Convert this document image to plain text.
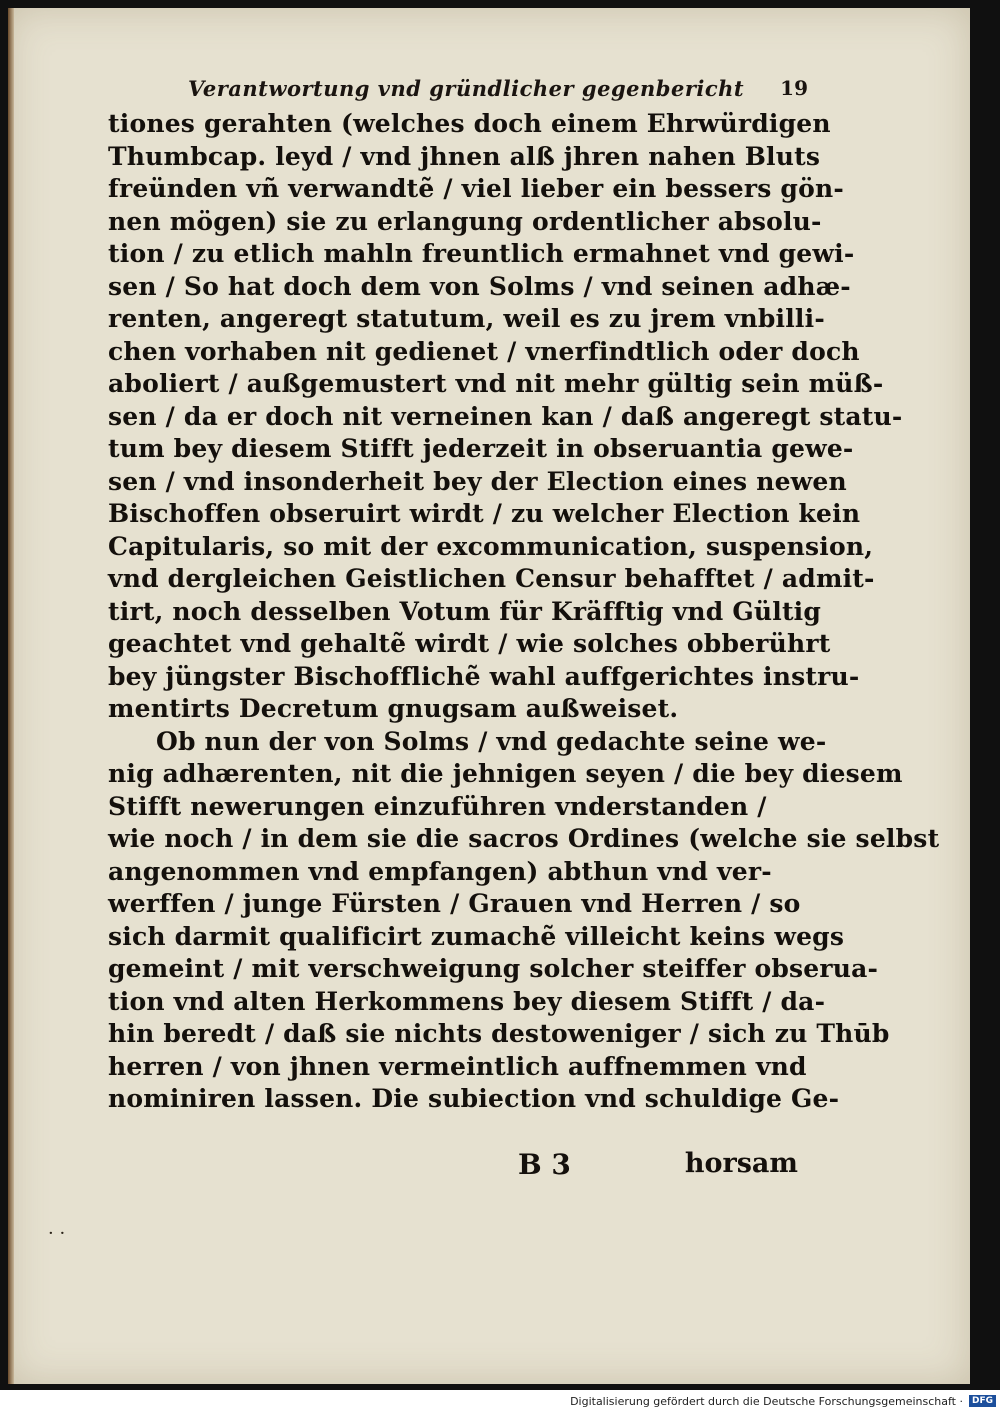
Verantwortung vnd gründlicher gegenbericht 19
tiones gerahten (welches doch einem Ehrwürdigen
Thumbcap. leyd / vnd jhnen alß jhren nahen Bluts
freünden vñ verwandtẽ / viel lieber ein bessers gön-
nen mögen) sie zu erlangung ordentlicher absolu-
tion / zu etlich mahln freuntlich ermahnet vnd gewi-
sen / So hat doch dem von Solms / vnd seinen adhæ-
renten, angeregt statutum, weil es zu jrem vnbilli-
chen vorhaben nit gedienet / vnerfindtlich oder doch
aboliert / außgemustert vnd nit mehr gültig sein müß-
sen / da er doch nit verneinen kan / daß angeregt statu-
tum bey diesem Stifft jederzeit in obseruantia gewe-
sen / vnd insonderheit bey der Election eines newen
Bischoffen obseruirt wirdt / zu welcher Election kein
Capitularis, so mit der excommunication, suspension,
vnd dergleichen Geistlichen Censur behafftet / admit-
tirt, noch desselben Votum für Kräfftig vnd Gültig
geachtet vnd gehaltẽ wirdt / wie solches obberührt
bey jüngster Bischofflichẽ wahl auffgerichtes instru-
mentirts Decretum gnugsam außweiset.
Ob nun der von Solms / vnd gedachte seine we-
nig adhærenten, nit die jehnigen seyen / die bey diesem
Stifft newerungen einzuführen vnderstanden /
wie noch / in dem sie die sacros Ordines (welche sie selbst
angenommen vnd empfangen) abthun vnd ver-
werffen / junge Fürsten / Grauen vnd Herren / so
sich darmit qualificirt zumachẽ villeicht keins wegs
gemeint / mit verschweigung solcher steiffer obserua-
tion vnd alten Herkommens bey diesem Stifft / da-
hin beredt / daß sie nichts destoweniger / sich zu Thūb
herren / von jhnen vermeintlich auffnemmen vnd
nominiren lassen. Die subiection vnd schuldige Ge-
B 3	horsam
· ·
Digitalisierung gefördert durch die Deutsche Forschungsgemeinschaft ·	DFG
